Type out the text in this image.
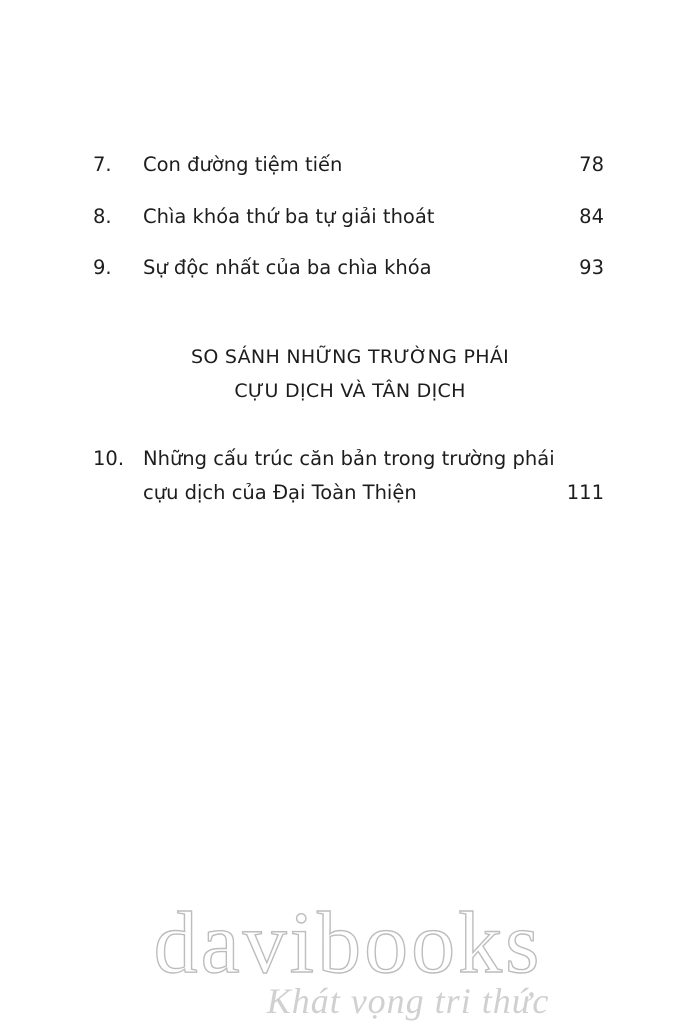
7. Con đường tiệm tiến	78
8. Chìa khóa thứ ba tự giải thoát	84
9. Sự độc nhất của ba chìa khóa	93
SO SÁNH NHỮNG TRƯỜNG PHÁI
CỰU DỊCH VÀ TÂN DỊCH
10. Những cấu trúc căn bản trong trường phái
cựu dịch của Đại Toàn Thiện	111
davibooks
Khát vọng tri thức
